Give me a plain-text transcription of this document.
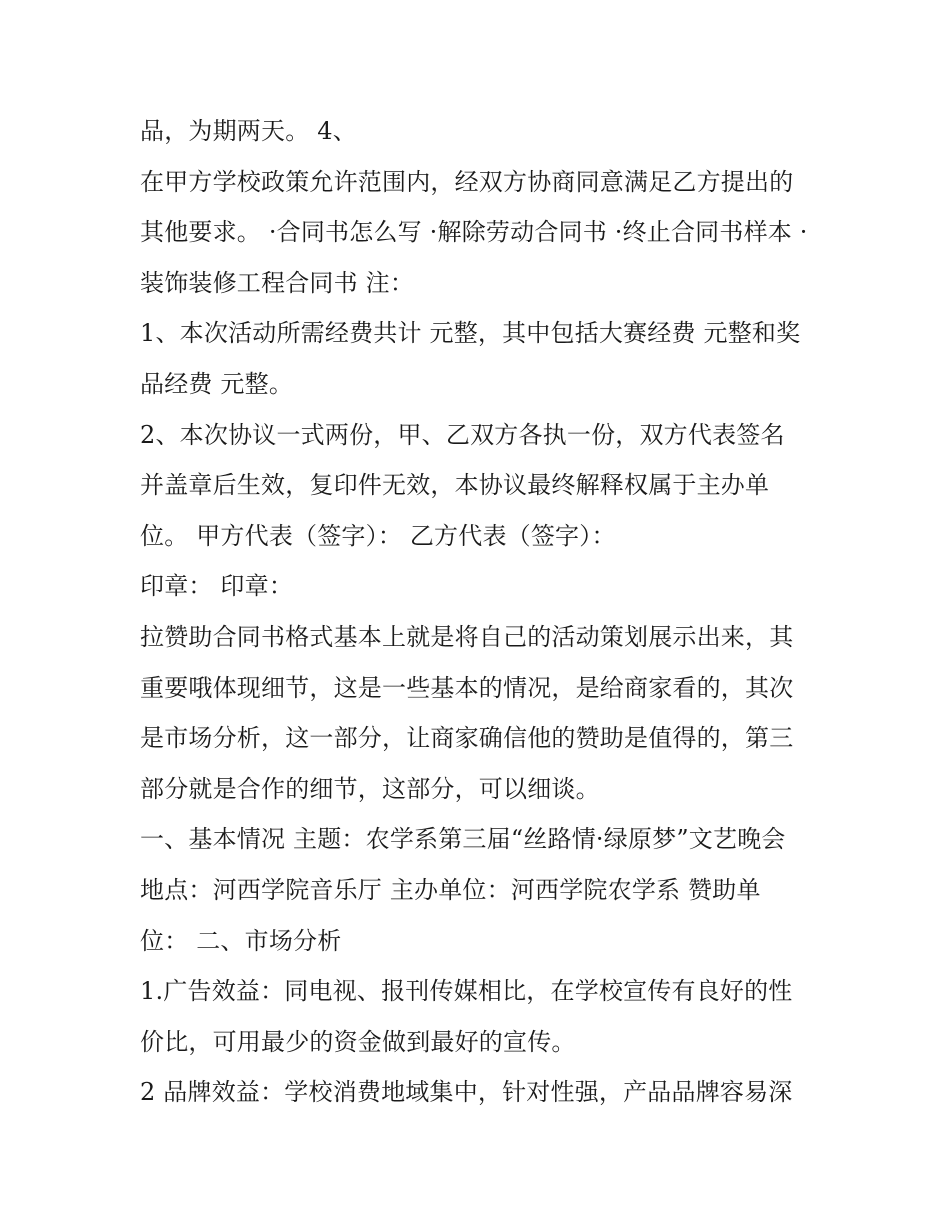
品，为期两天。 4、
在甲方学校政策允许范围内，经双方协商同意满足乙方提出的
其他要求。 ·合同书怎么写 ·解除劳动合同书 ·终止合同书样本 ·
装饰装修工程合同书 注：
1、本次活动所需经费共计 元整，其中包括大赛经费 元整和奖
品经费 元整。
2、本次协议一式两份，甲、乙双方各执一份，双方代表签名
并盖章后生效，复印件无效，本协议最终解释权属于主办单
位。 甲方代表（签字）： 乙方代表（签字）：
印章： 印章：
拉赞助合同书格式基本上就是将自己的活动策划展示出来，其
重要哦体现细节，这是一些基本的情况，是给商家看的，其次
是市场分析，这一部分，让商家确信他的赞助是值得的，第三
部分就是合作的细节，这部分，可以细谈。
一、基本情况 主题：农学系第三届“丝路情·绿原梦”文艺晚会
地点：河西学院音乐厅 主办单位：河西学院农学系 赞助单
位： 二、市场分析
1.广告效益：同电视、报刊传媒相比，在学校宣传有良好的性
价比，可用最少的资金做到最好的宣传。
2 品牌效益：学校消费地域集中，针对性强，产品品牌容易深
